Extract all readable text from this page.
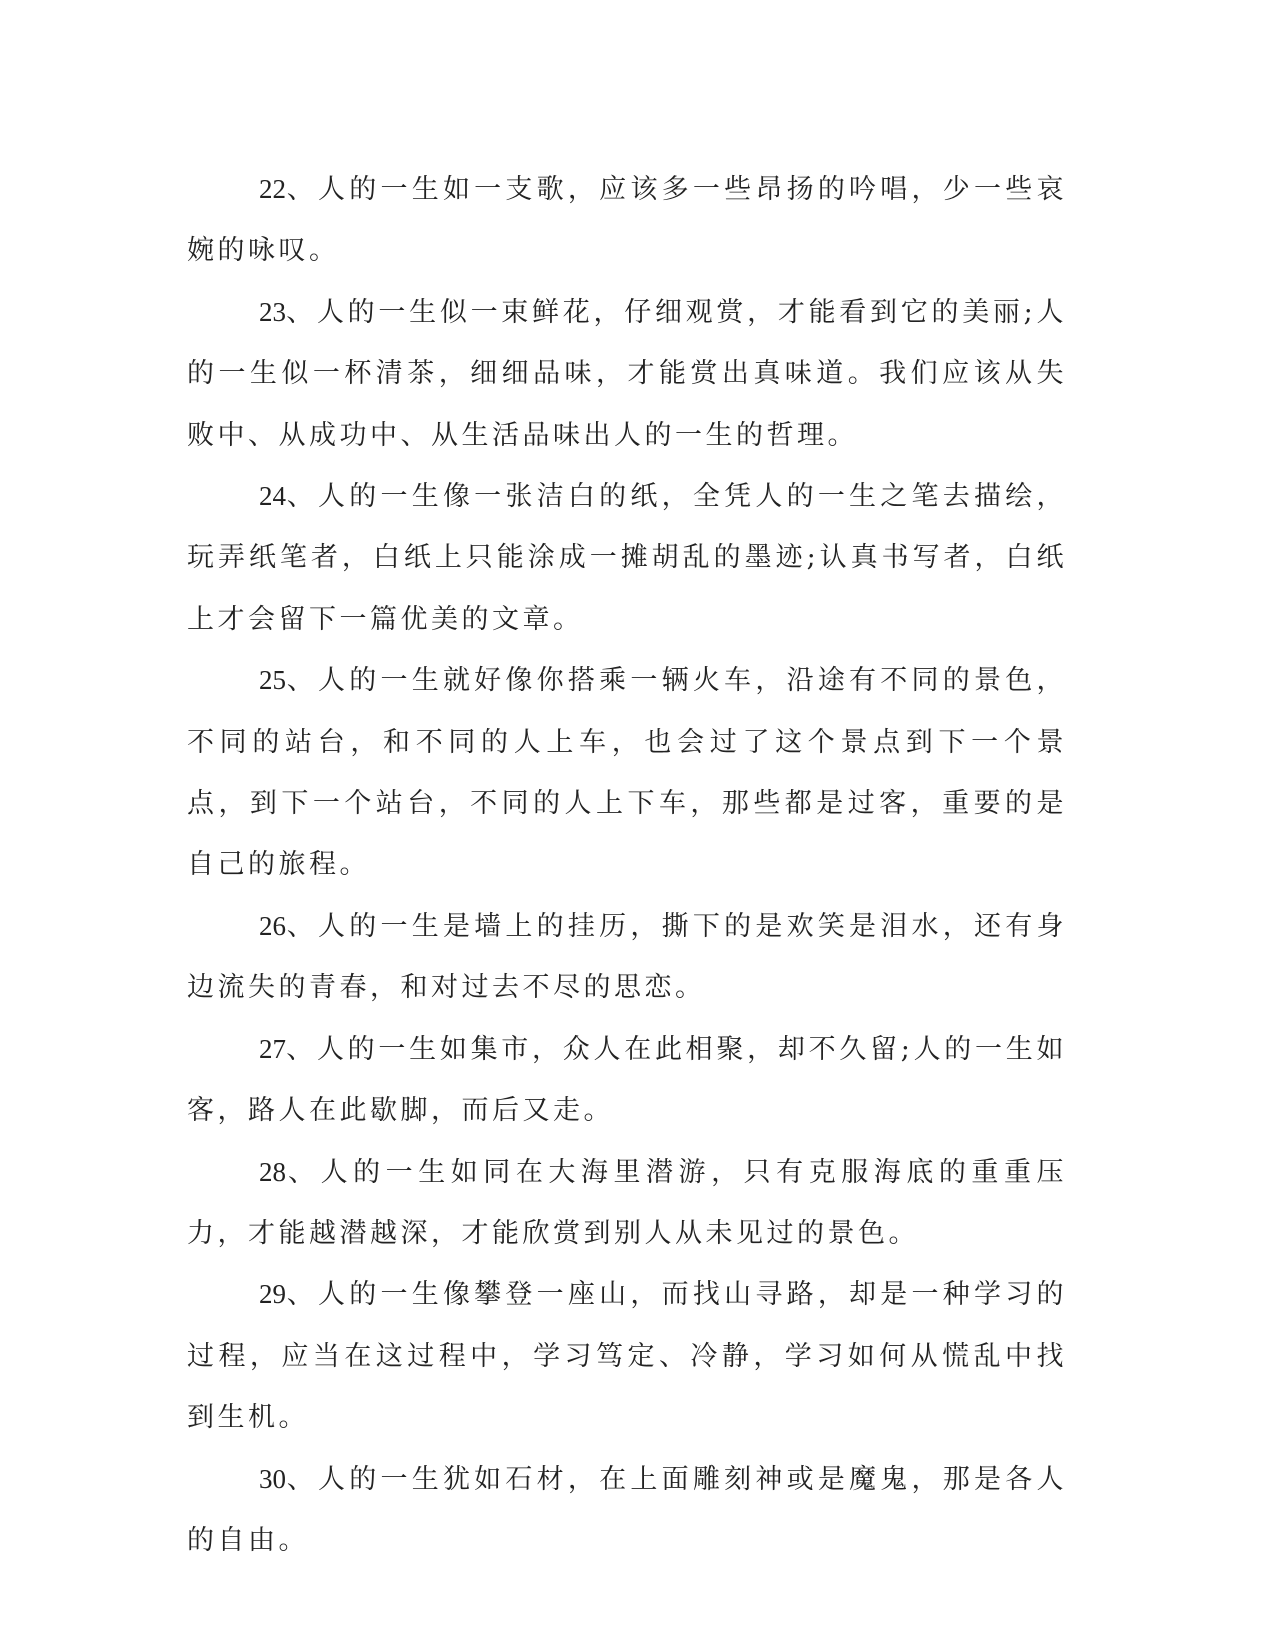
22、人的一生如一支歌，应该多一些昂扬的吟唱，少一些哀婉的咏叹。

23、人的一生似一束鲜花，仔细观赏，才能看到它的美丽;人的一生似一杯清茶，细细品味，才能赏出真味道。我们应该从失败中、从成功中、从生活品味出人的一生的哲理。

24、人的一生像一张洁白的纸，全凭人的一生之笔去描绘，玩弄纸笔者，白纸上只能涂成一摊胡乱的墨迹;认真书写者，白纸上才会留下一篇优美的文章。

25、人的一生就好像你搭乘一辆火车，沿途有不同的景色，不同的站台，和不同的人上车，也会过了这个景点到下一个景点，到下一个站台，不同的人上下车，那些都是过客，重要的是自己的旅程。

26、人的一生是墙上的挂历，撕下的是欢笑是泪水，还有身边流失的青春，和对过去不尽的思恋。

27、人的一生如集市，众人在此相聚，却不久留;人的一生如客，路人在此歇脚，而后又走。

28、人的一生如同在大海里潜游，只有克服海底的重重压力，才能越潜越深，才能欣赏到别人从未见过的景色。

29、人的一生像攀登一座山，而找山寻路，却是一种学习的过程，应当在这过程中，学习笃定、冷静，学习如何从慌乱中找到生机。

30、人的一生犹如石材，在上面雕刻神或是魔鬼，那是各人的自由。
